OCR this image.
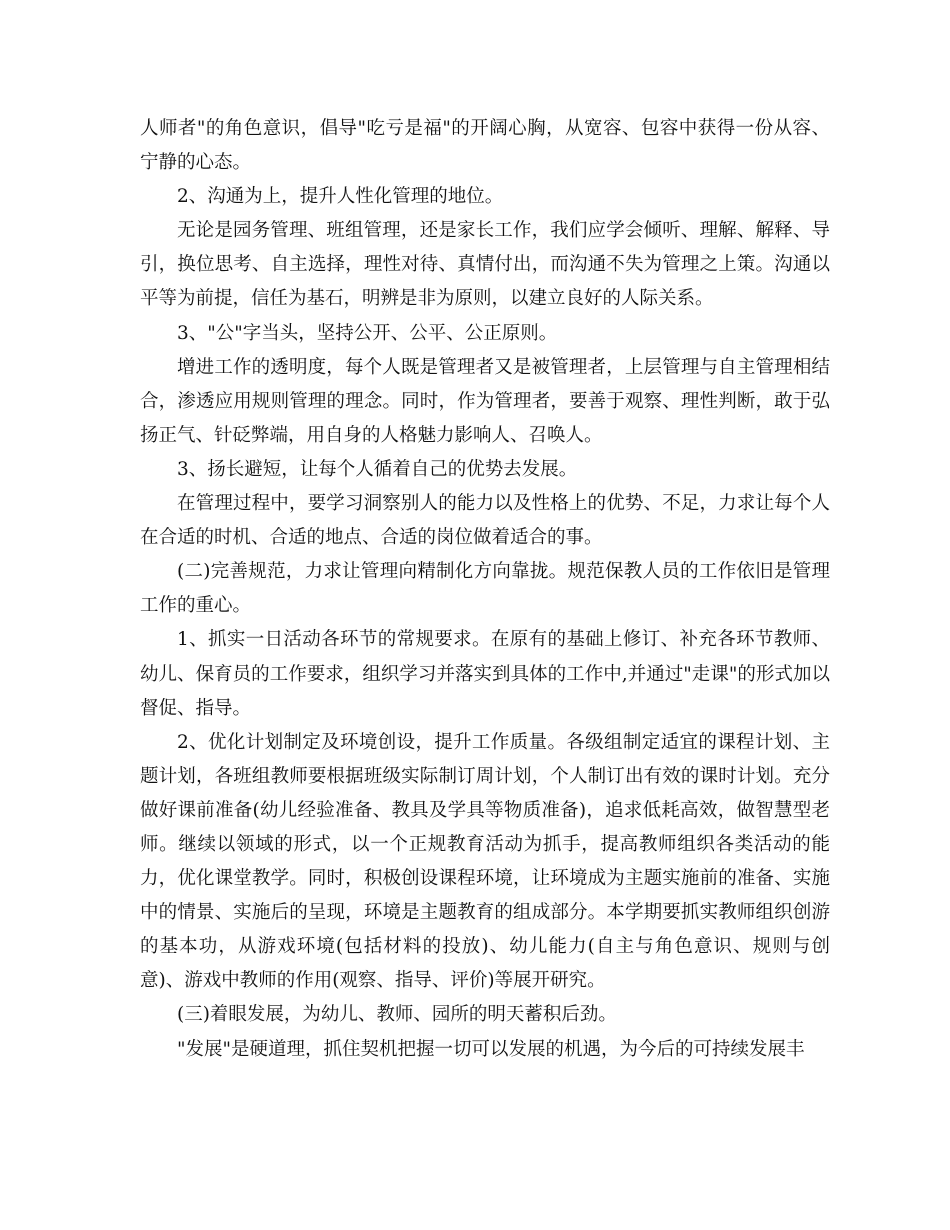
人师者"的角色意识，倡导"吃亏是福"的开阔心胸，从宽容、包容中获得一份从容、宁静的心态。

2、沟通为上，提升人性化管理的地位。

无论是园务管理、班组管理，还是家长工作，我们应学会倾听、理解、解释、导引，换位思考、自主选择，理性对待、真情付出，而沟通不失为管理之上策。沟通以平等为前提，信任为基石，明辨是非为原则，以建立良好的人际关系。

3、"公"字当头，坚持公开、公平、公正原则。

增进工作的透明度，每个人既是管理者又是被管理者，上层管理与自主管理相结合，渗透应用规则管理的理念。同时，作为管理者，要善于观察、理性判断，敢于弘扬正气、针砭弊端，用自身的人格魅力影响人、召唤人。

3、扬长避短，让每个人循着自己的优势去发展。

在管理过程中，要学习洞察别人的能力以及性格上的优势、不足，力求让每个人在合适的时机、合适的地点、合适的岗位做着适合的事。

(二)完善规范，力求让管理向精制化方向靠拢。规范保教人员的工作依旧是管理工作的重心。

1、抓实一日活动各环节的常规要求。在原有的基础上修订、补充各环节教师、幼儿、保育员的工作要求，组织学习并落实到具体的工作中,并通过"走课"的形式加以督促、指导。

2、优化计划制定及环境创设，提升工作质量。各级组制定适宜的课程计划、主题计划，各班组教师要根据班级实际制订周计划，个人制订出有效的课时计划。充分做好课前准备(幼儿经验准备、教具及学具等物质准备)，追求低耗高效，做智慧型老师。继续以领域的形式，以一个正规教育活动为抓手，提高教师组织各类活动的能力，优化课堂教学。同时，积极创设课程环境，让环境成为主题实施前的准备、实施中的情景、实施后的呈现，环境是主题教育的组成部分。本学期要抓实教师组织创游的基本功，从游戏环境(包括材料的投放)、幼儿能力(自主与角色意识、规则与创意)、游戏中教师的作用(观察、指导、评价)等展开研究。

(三)着眼发展，为幼儿、教师、园所的明天蓄积后劲。

"发展"是硬道理，抓住契机把握一切可以发展的机遇，为今后的可持续发展丰
